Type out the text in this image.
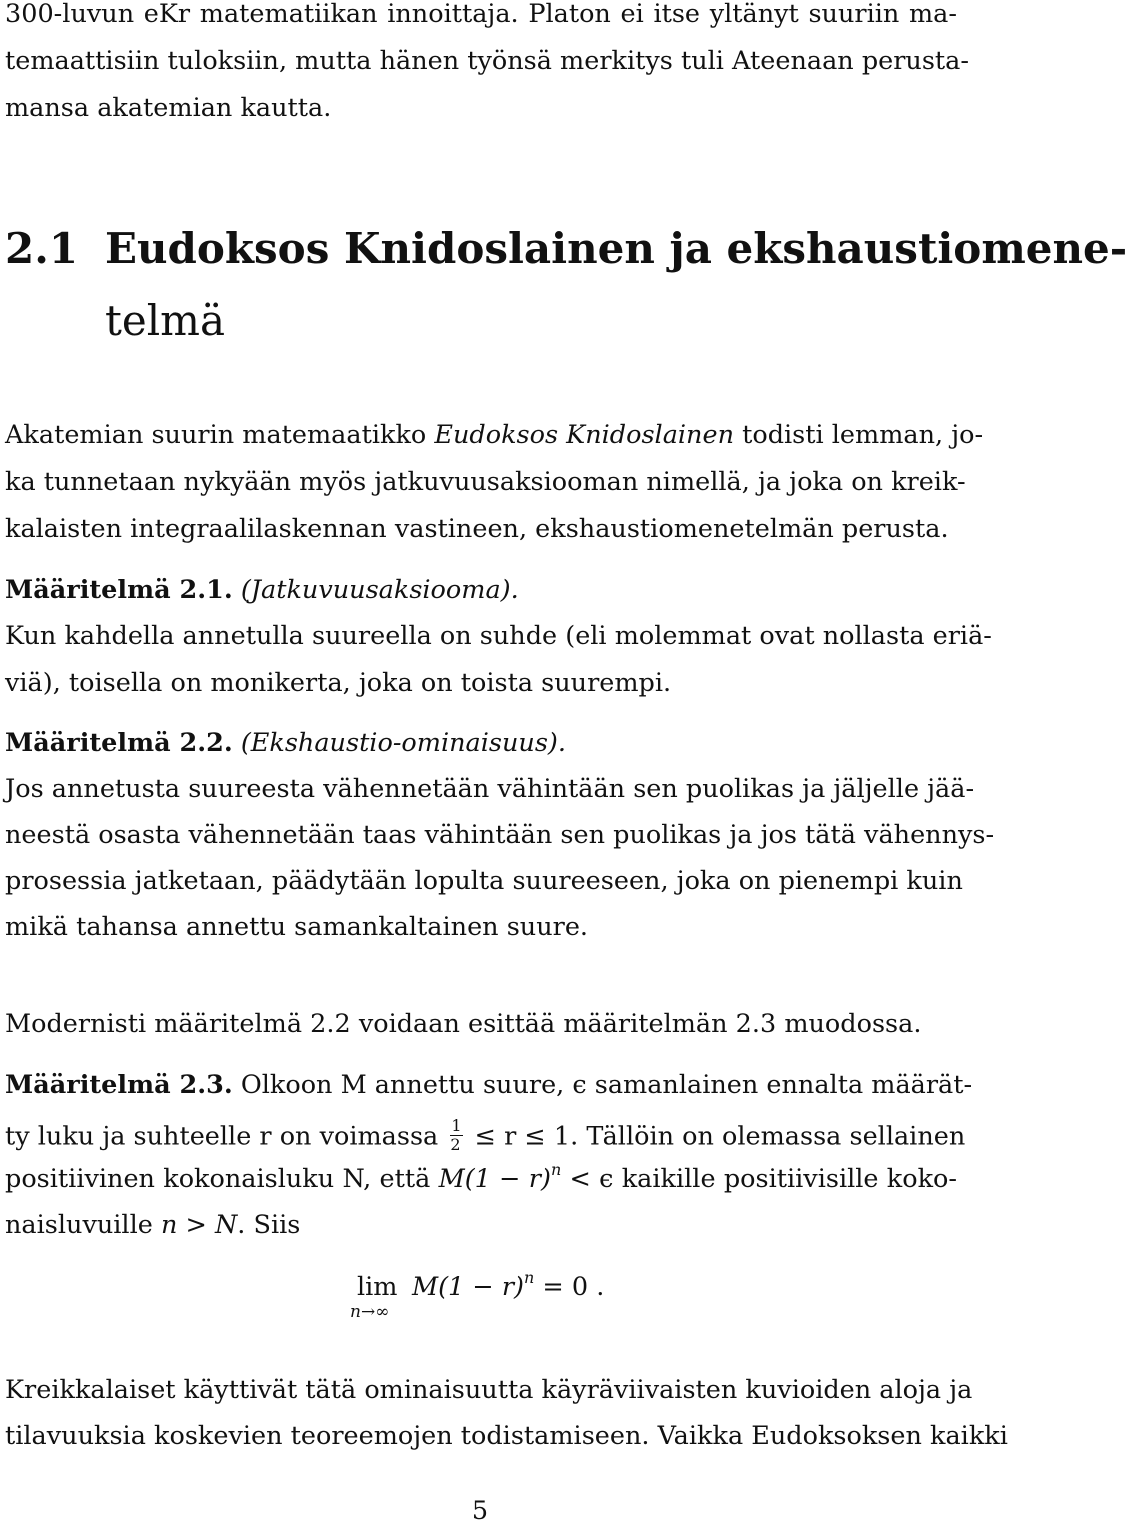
300-luvun eKr matematiikan innoittaja. Platon ei itse yltänyt suuriin ma-
temaattisiin tuloksiin, mutta hänen työnsä merkitys tuli Ateenaan perusta-
mansa akatemian kautta.
2.1 Eudoksos Knidoslainen ja ekshaustiomene-
telmä
Akatemian suurin matemaatikko Eudoksos Knidoslainen todisti lemman, jo-
ka tunnetaan nykyään myös jatkuvuusaksiooman nimellä, ja joka on kreik-
kalaisten integraalilaskennan vastineen, ekshaustiomenetelmän perusta.
Määritelmä 2.1. (Jatkuvuusaksiooma).
Kun kahdella annetulla suureella on suhde (eli molemmat ovat nollasta eriä-
viä), toisella on monikerta, joka on toista suurempi.
Määritelmä 2.2. (Ekshaustio-ominaisuus).
Jos annetusta suureesta vähennetään vähintään sen puolikas ja jäljelle jää-
neestä osasta vähennetään taas vähintään sen puolikas ja jos tätä vähennys-
prosessia jatketaan, päädytään lopulta suureeseen, joka on pienempi kuin
mikä tahansa annettu samankaltainen suure.
Modernisti määritelmä 2.2 voidaan esittää määritelmän 2.3 muodossa.
Määritelmä 2.3. Olkoon M annettu suure, ϵ samanlainen ennalta määrät-
ty luku ja suhteelle r on voimassa $\frac{1}{2} \le r \le 1$. Tällöin on olemassa sellainen
positiivinen kokonaisluku N, että $M(1 - r)^n < \epsilon$ kaikille positiivisille koko-
naisluvuille n > N. Siis
lim
n→∞
$M(1 - r)^n = 0$ .
Kreikkalaiset käyttivät tätä ominaisuutta käyräviivaisten kuvioiden aloja ja
tilavuuksia koskevien teoreemojen todistamiseen. Vaikka Eudoksoksen kaikki
5
